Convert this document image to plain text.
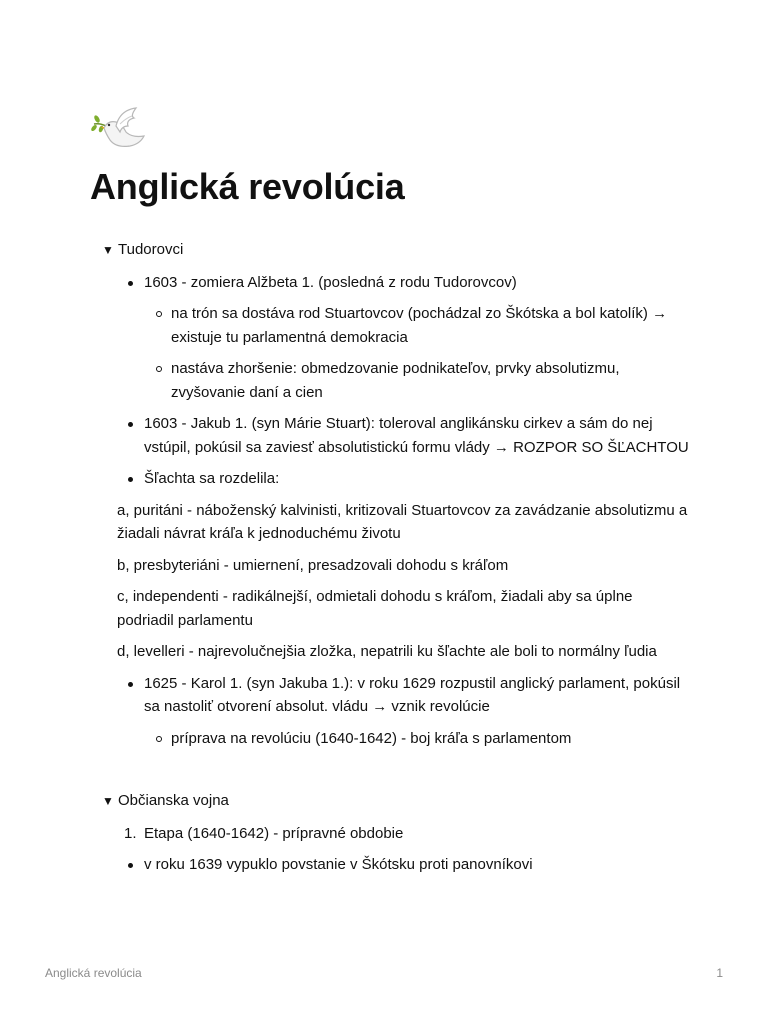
Anglická revolúcia
▼ Tudorovci
1603 - zomiera Alžbeta 1. (posledná z rodu Tudorovcov)
na trón sa dostáva rod Stuartovcov (pochádzal zo Škótska a bol katolík) → existuje tu parlamentná demokracia
nastáva zhoršenie: obmedzovanie podnikateľov, prvky absolutizmu, zvyšovanie daní a cien
1603 - Jakub 1. (syn Márie Stuart): toleroval anglikánsku cirkev a sám do nej vstúpil, pokúsil sa zaviesť absolutistickú formu vlády → ROZPOR SO ŠĽACHTOU
Šľachta sa rozdelila:
a, puritáni - náboženský kalvinisti, kritizovali Stuartovcov za zavádzanie absolutizmu a žiadali návrat kráľa k jednoduchému životu
b, presbyteriáni - umiernení, presadzovali dohodu s kráľom
c, independenti - radikálnejší, odmietali dohodu s kráľom, žiadali aby sa úplne podriadil parlamentu
d, levelleri - najrevolučnejšia zložka, nepatrili ku šľachte ale boli to normálny ľudia
1625 - Karol 1. (syn Jakuba 1.): v roku 1629 rozpustil anglický parlament, pokúsil sa nastoliť otvorení absolut. vládu → vznik revolúcie
príprava na revolúciu (1640-1642) - boj kráľa s parlamentom
▼ Občianska vojna
1. Etapa (1640-1642) - prípravné obdobie
v roku 1639 vypuklo povstanie v Škótsku proti panovníkovi
Anglická revolúcia	1
